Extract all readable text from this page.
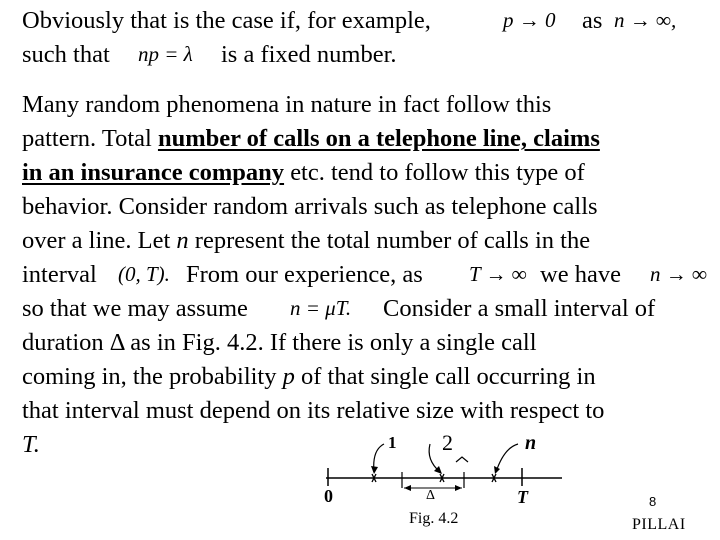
Obviously that is the case if, for example,	p → 0 as n → ∞,
such that np = λ is a fixed number.
Many random phenomena in nature in fact follow this
pattern. Total number of calls on a telephone line, claims
in an insurance company etc. tend to follow this type of
behavior. Consider random arrivals such as telephone calls
over a line. Let n represent the total number of calls in the
interval (0, T). From our experience, as T → ∞ we have n → ∞
so that we may assume n = μT. Consider a small interval of
duration Δ as in Fig. 4.2. If there is only a single call
coming in, the probability p of that single call occurring in
that interval must depend on its relative size with respect to
T.	1 2	n
0	Δ	T
Fig. 4.2
8
PILLAI
